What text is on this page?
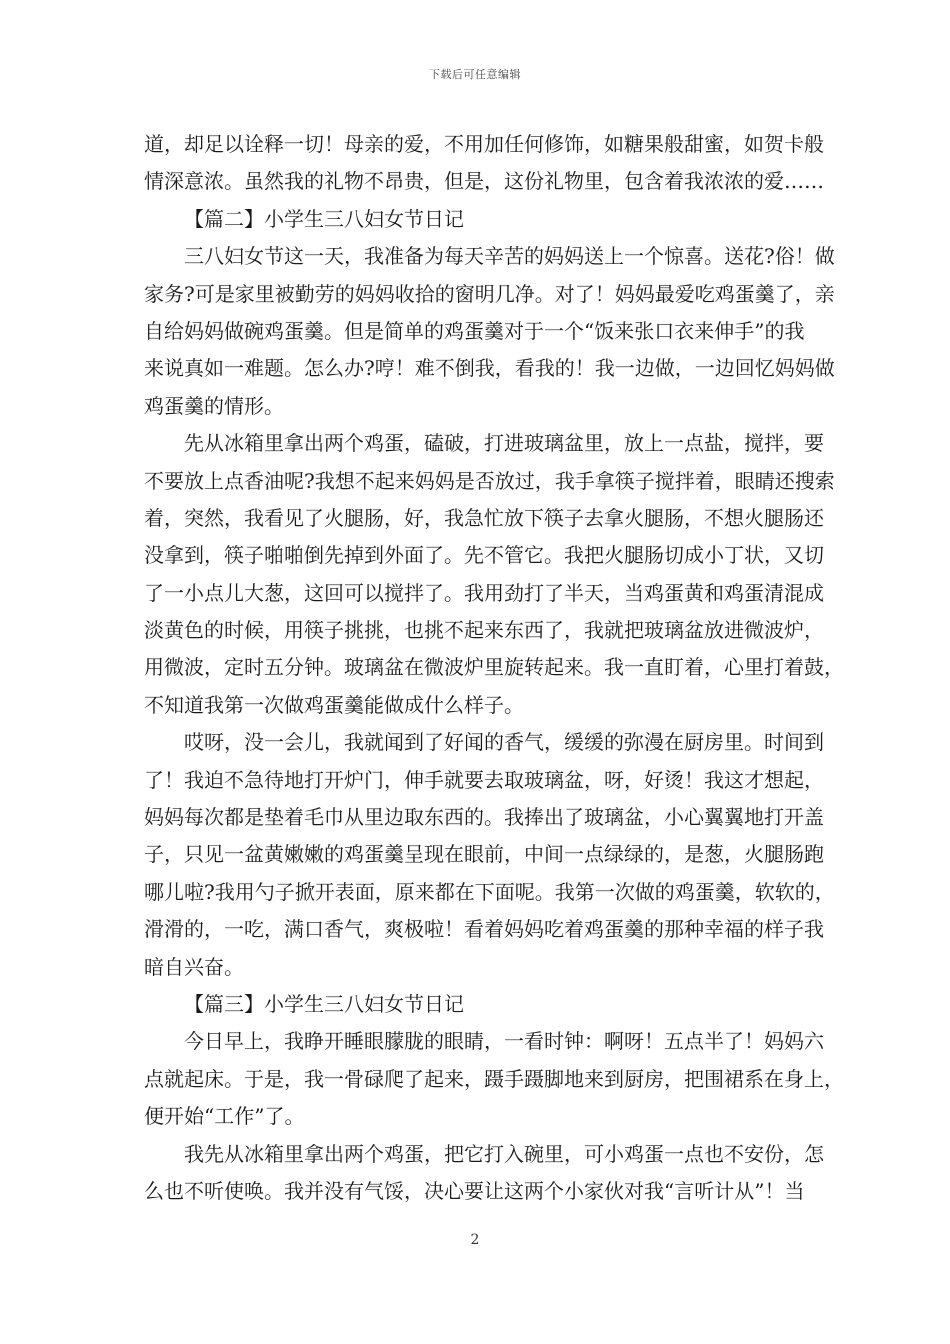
下载后可任意编辑
道，却足以诠释一切！母亲的爱，不用加任何修饰，如糖果般甜蜜，如贺卡般
情深意浓。虽然我的礼物不昂贵，但是，这份礼物里，包含着我浓浓的爱……
【篇二】小学生三八妇女节日记
三八妇女节这一天，我准备为每天辛苦的妈妈送上一个惊喜。送花?俗！做
家务?可是家里被勤劳的妈妈收拾的窗明几净。对了！妈妈最爱吃鸡蛋羹了，亲
自给妈妈做碗鸡蛋羹。但是简单的鸡蛋羹对于一个“饭来张口衣来伸手”的我
来说真如一难题。怎么办?哼！难不倒我，看我的！我一边做，一边回忆妈妈做
鸡蛋羹的情形。
先从冰箱里拿出两个鸡蛋，磕破，打进玻璃盆里，放上一点盐，搅拌，要
不要放上点香油呢?我想不起来妈妈是否放过，我手拿筷子搅拌着，眼睛还搜索
着，突然，我看见了火腿肠，好，我急忙放下筷子去拿火腿肠，不想火腿肠还
没拿到，筷子啪啪倒先掉到外面了。先不管它。我把火腿肠切成小丁状，又切
了一小点儿大葱，这回可以搅拌了。我用劲打了半天，当鸡蛋黄和鸡蛋清混成
淡黄色的时候，用筷子挑挑，也挑不起来东西了，我就把玻璃盆放进微波炉，
用微波，定时五分钟。玻璃盆在微波炉里旋转起来。我一直盯着，心里打着鼓，
不知道我第一次做鸡蛋羹能做成什么样子。
哎呀，没一会儿，我就闻到了好闻的香气，缓缓的弥漫在厨房里。时间到
了！我迫不急待地打开炉门，伸手就要去取玻璃盆，呀，好烫！我这才想起，
妈妈每次都是垫着毛巾从里边取东西的。我捧出了玻璃盆，小心翼翼地打开盖
子，只见一盆黄嫩嫩的鸡蛋羹呈现在眼前，中间一点绿绿的，是葱，火腿肠跑
哪儿啦?我用勺子掀开表面，原来都在下面呢。我第一次做的鸡蛋羹，软软的，
滑滑的，一吃，满口香气，爽极啦！看着妈妈吃着鸡蛋羹的那种幸福的样子我
暗自兴奋。
【篇三】小学生三八妇女节日记
今日早上，我睁开睡眼朦胧的眼睛，一看时钟：啊呀！五点半了！妈妈六
点就起床。于是，我一骨碌爬了起来，蹑手蹑脚地来到厨房，把围裙系在身上，
便开始“工作”了。
我先从冰箱里拿出两个鸡蛋，把它打入碗里，可小鸡蛋一点也不安份，怎
么也不听使唤。我并没有气馁，决心要让这两个小家伙对我“言听计从”！当
2
